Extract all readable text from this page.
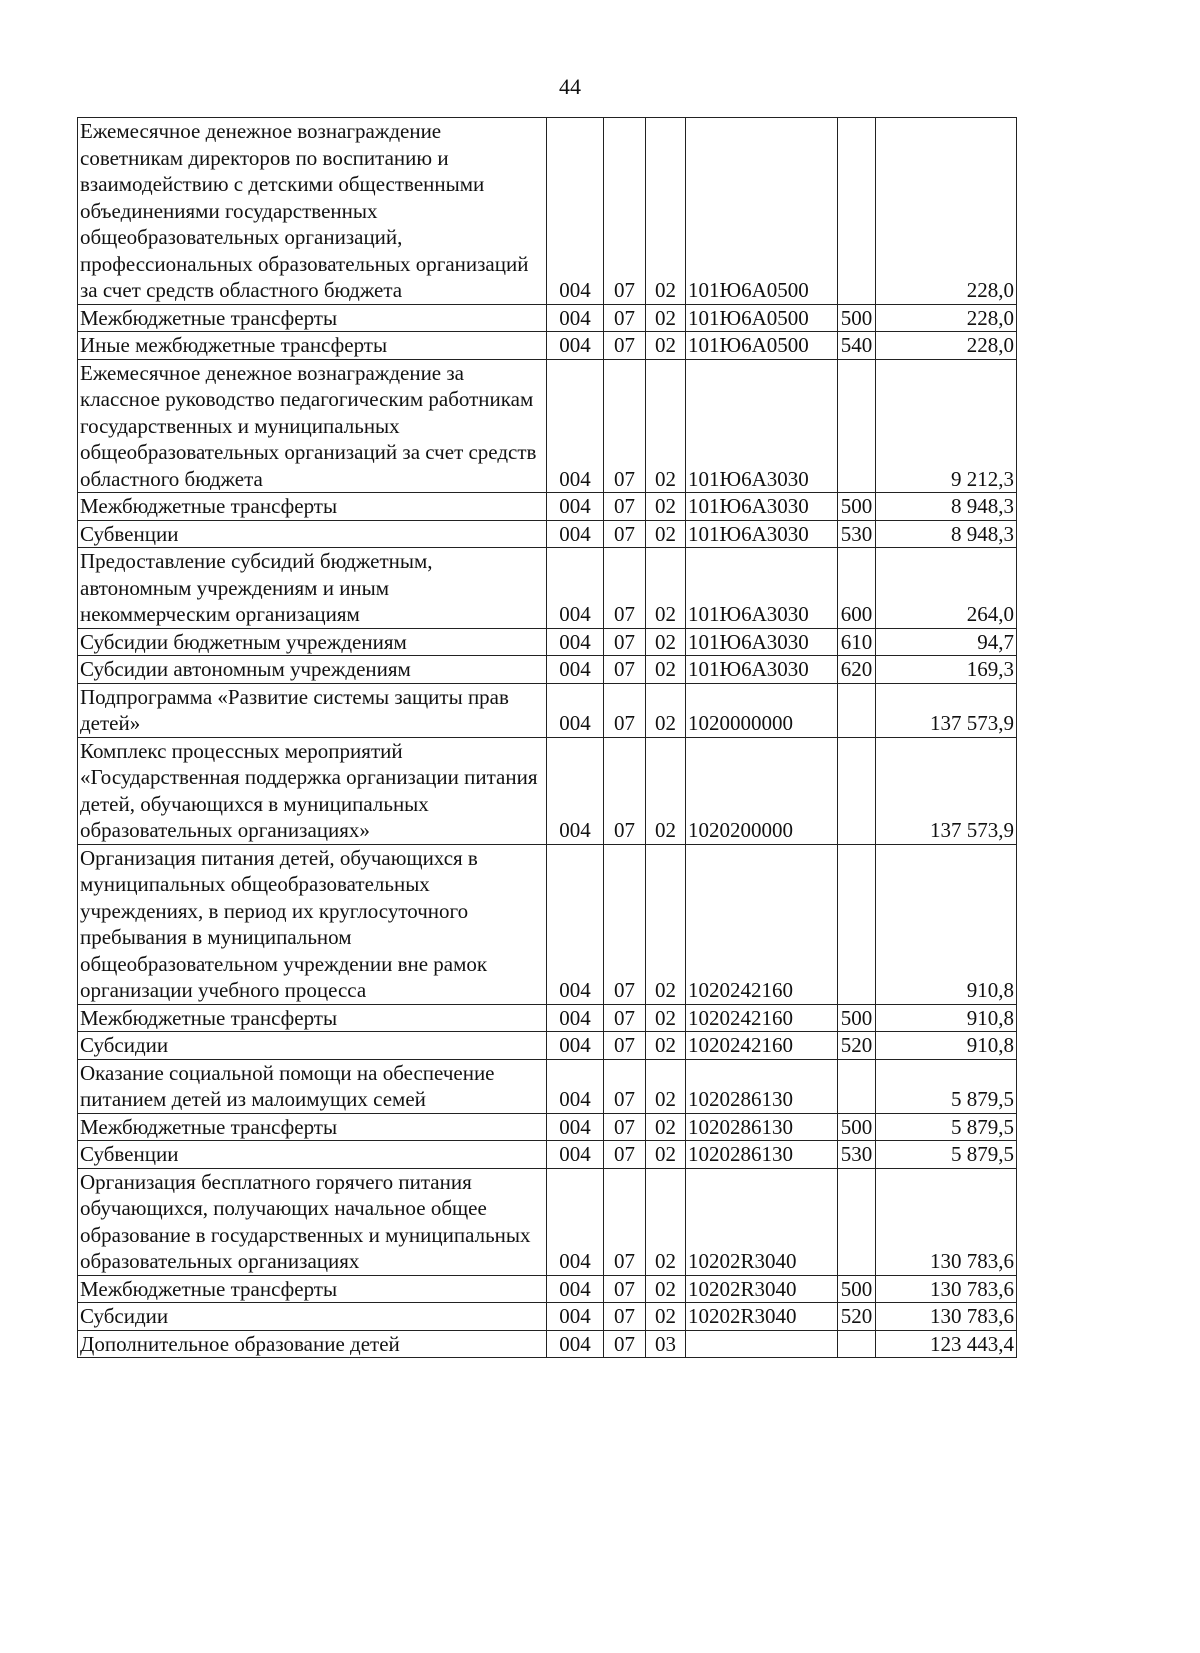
44
Ежемесячное денежное вознаграждение советникам директоров по воспитанию и взаимодействию с детскими общественными объединениями государственных общеобразовательных организаций, профессиональных образовательных организаций за счет средств областного бюджета	004	07	02	101Ю6А0500		228,0
Межбюджетные трансферты	004	07	02	101Ю6А0500	500	228,0
Иные межбюджетные трансферты	004	07	02	101Ю6А0500	540	228,0
Ежемесячное денежное вознаграждение за классное руководство педагогическим работникам государственных и муниципальных общеобразовательных организаций за счет средств областного бюджета	004	07	02	101Ю6А3030		9 212,3
Межбюджетные трансферты	004	07	02	101Ю6А3030	500	8 948,3
Субвенции	004	07	02	101Ю6А3030	530	8 948,3
Предоставление субсидий бюджетным, автономным учреждениям и иным некоммерческим организациям	004	07	02	101Ю6А3030	600	264,0
Субсидии бюджетным учреждениям	004	07	02	101Ю6А3030	610	94,7
Субсидии автономным учреждениям	004	07	02	101Ю6А3030	620	169,3
Подпрограмма «Развитие системы защиты прав детей»	004	07	02	1020000000		137 573,9
Комплекс процессных мероприятий «Государственная поддержка организации питания детей, обучающихся в муниципальных образовательных организациях»	004	07	02	1020200000		137 573,9
Организация питания детей, обучающихся в муниципальных общеобразовательных учреждениях, в период их круглосуточного пребывания в муниципальном общеобразовательном учреждении вне рамок организации учебного процесса	004	07	02	1020242160		910,8
Межбюджетные трансферты	004	07	02	1020242160	500	910,8
Субсидии	004	07	02	1020242160	520	910,8
Оказание социальной помощи на обеспечение питанием детей из малоимущих семей	004	07	02	1020286130		5 879,5
Межбюджетные трансферты	004	07	02	1020286130	500	5 879,5
Субвенции	004	07	02	1020286130	530	5 879,5
Организация бесплатного горячего питания обучающихся, получающих начальное общее образование в государственных и муниципальных образовательных организациях	004	07	02	10202R3040		130 783,6
Межбюджетные трансферты	004	07	02	10202R3040	500	130 783,6
Субсидии	004	07	02	10202R3040	520	130 783,6
Дополнительное образование детей	004	07	03			123 443,4
